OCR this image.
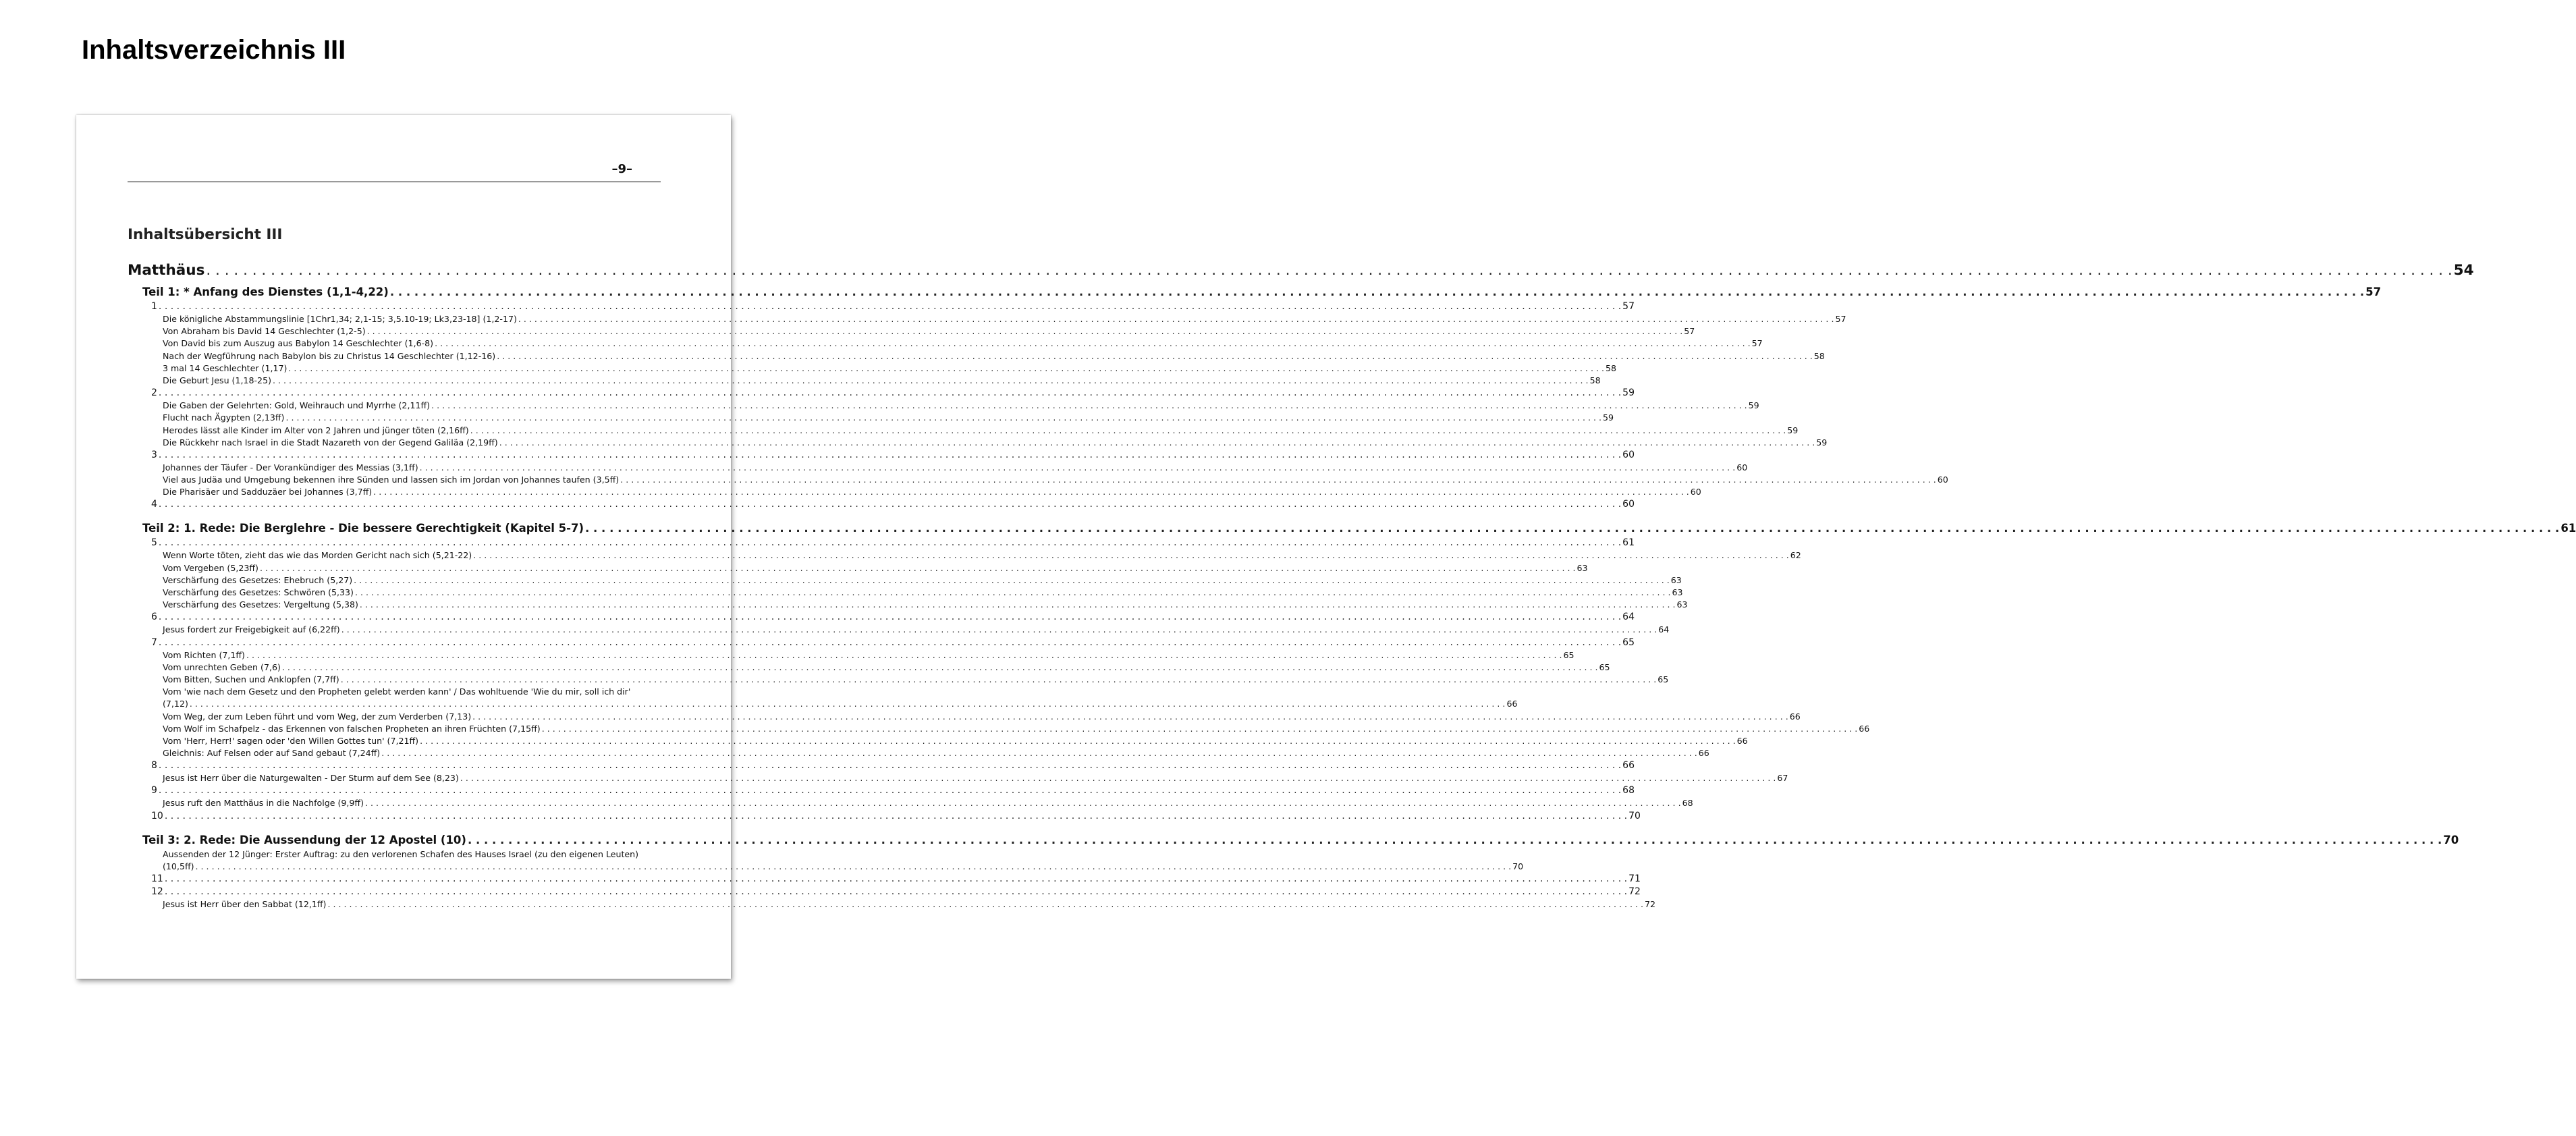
Inhaltsverzeichnis III
–9–
Inhaltsübersicht III
Matthäus . . .	54
Teil 1: * Anfang des Dienstes (1,1-4,22) . . .	57
1 . . .	57
Die königliche Abstammungslinie [1Chr1,34; 2,1-15; 3,5.10-19; Lk3,23-18] (1,2-17) . . .	57
Von Abraham bis David 14 Geschlechter (1,2-5) . . .	57
Von David bis zum Auszug aus Babylon 14 Geschlechter (1,6-8) . . .	57
Nach der Wegführung nach Babylon bis zu Christus 14 Geschlechter (1,12-16) . . .	58
3 mal 14 Geschlechter (1,17) . . .	58
Die Geburt Jesu (1,18-25) . . .	58
2 . . .	59
Die Gaben der Gelehrten: Gold, Weihrauch und Myrrhe (2,11ff) . . .	59
Flucht nach Ägypten (2,13ff) . . .	59
Herodes lässt alle Kinder im Alter von 2 Jahren und jünger töten (2,16ff) . . .	59
Die Rückkehr nach Israel in die Stadt Nazareth von der Gegend Galiläa (2,19ff) . . .	59
3 . . .	60
Johannes der Täufer - Der Vorankündiger des Messias (3,1ff) . . .	60
Viel aus Judäa und Umgebung bekennen ihre Sünden und lassen sich im Jordan von Johannes taufen (3,5ff) . . .	60
Die Pharisäer und Sadduzäer bei Johannes (3,7ff) . . .	60
4 . . .	60
Teil 2: 1. Rede: Die Berglehre - Die bessere Gerechtigkeit (Kapitel 5-7) . . .	61
5 . . .	61
Wenn Worte töten, zieht das wie das Morden Gericht nach sich (5,21-22) . . .	62
Vom Vergeben (5,23ff) . . .	63
Verschärfung des Gesetzes: Ehebruch (5,27) . . .	63
Verschärfung des Gesetzes: Schwören (5,33) . . .	63
Verschärfung des Gesetzes: Vergeltung (5,38) . . .	63
6 . . .	64
Jesus fordert zur Freigebigkeit auf (6,22ff) . . .	64
7 . . .	65
Vom Richten (7,1ff) . . .	65
Vom unrechten Geben (7,6) . . .	65
Vom Bitten, Suchen und Anklopfen (7,7ff) . . .	65
Vom 'wie nach dem Gesetz und den Propheten gelebt werden kann' / Das wohltuende 'Wie du mir, soll ich dir'
(7,12) . . .	66
Vom Weg, der zum Leben führt und vom Weg, der zum Verderben (7,13) . . .	66
Vom Wolf im Schafpelz - das Erkennen von falschen Propheten an ihren Früchten (7,15ff) . . .	66
Vom 'Herr, Herr!' sagen oder 'den Willen Gottes tun' (7,21ff) . . .	66
Gleichnis: Auf Felsen oder auf Sand gebaut (7,24ff) . . .	66
8 . . .	66
Jesus ist Herr über die Naturgewalten - Der Sturm auf dem See (8,23) . . .	67
9 . . .	68
Jesus ruft den Matthäus in die Nachfolge (9,9ff) . . .	68
10 . . .	70
Teil 3: 2. Rede: Die Aussendung der 12 Apostel (10) . . .	70
Aussenden der 12 Jünger: Erster Auftrag: zu den verlorenen Schafen des Hauses Israel (zu den eigenen Leuten)
(10,5ff) . . .	70
11 . . .	71
12 . . .	72
Jesus ist Herr über den Sabbat (12,1ff) . . .	72
